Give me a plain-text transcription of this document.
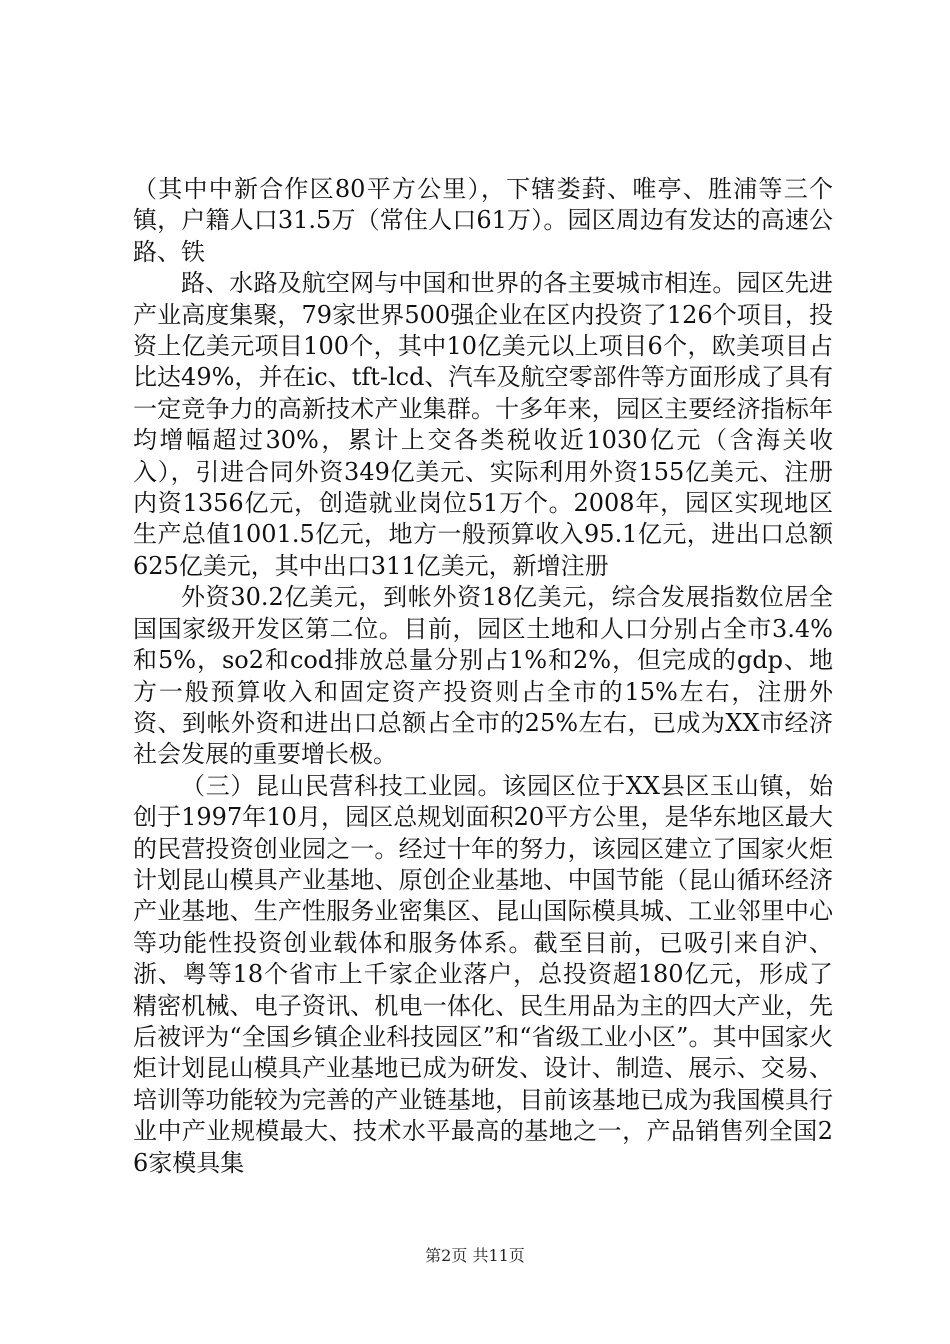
（其中中新合作区80平方公里），下辖娄葑、唯亭、胜浦等三个镇，户籍人口31.5万（常住人口61万）。园区周边有发达的高速公路、铁

路、水路及航空网与中国和世界的各主要城市相连。园区先进产业高度集聚，79家世界500强企业在区内投资了126个项目，投资上亿美元项目100个，其中10亿美元以上项目6个，欧美项目占比达49%，并在ic、tft-lcd、汽车及航空零部件等方面形成了具有一定竞争力的高新技术产业集群。十多年来，园区主要经济指标年均增幅超过30%，累计上交各类税收近1030亿元（含海关收入），引进合同外资349亿美元、实际利用外资155亿美元、注册内资1356亿元，创造就业岗位51万个。2008年，园区实现地区生产总值1001.5亿元，地方一般预算收入95.1亿元，进出口总额625亿美元，其中出口311亿美元，新增注册

外资30.2亿美元，到帐外资18亿美元，综合发展指数位居全国国家级开发区第二位。目前，园区土地和人口分别占全市3.4%和5%，so2和cod排放总量分别占1%和2%，但完成的gdp、地方一般预算收入和固定资产投资则占全市的15%左右，注册外资、到帐外资和进出口总额占全市的25%左右，已成为XX市经济社会发展的重要增长极。

（三）昆山民营科技工业园。该园区位于XX县区玉山镇，始创于1997年10月，园区总规划面积20平方公里，是华东地区最大的民营投资创业园之一。经过十年的努力，该园区建立了国家火炬计划昆山模具产业基地、原创企业基地、中国节能（昆山循环经济产业基地、生产性服务业密集区、昆山国际模具城、工业邻里中心等功能性投资创业载体和服务体系。截至目前，已吸引来自沪、浙、粤等18个省市上千家企业落户，总投资超180亿元，形成了精密机械、电子资讯、机电一体化、民生用品为主的四大产业，先后被评为“全国乡镇企业科技园区”和“省级工业小区”。其中国家火炬计划昆山模具产业基地已成为研发、设计、制造、展示、交易、培训等功能较为完善的产业链基地，目前该基地已成为我国模具行业中产业规模最大、技术水平最高的基地之一，产品销售列全国26家模具集

第2页 共11页
